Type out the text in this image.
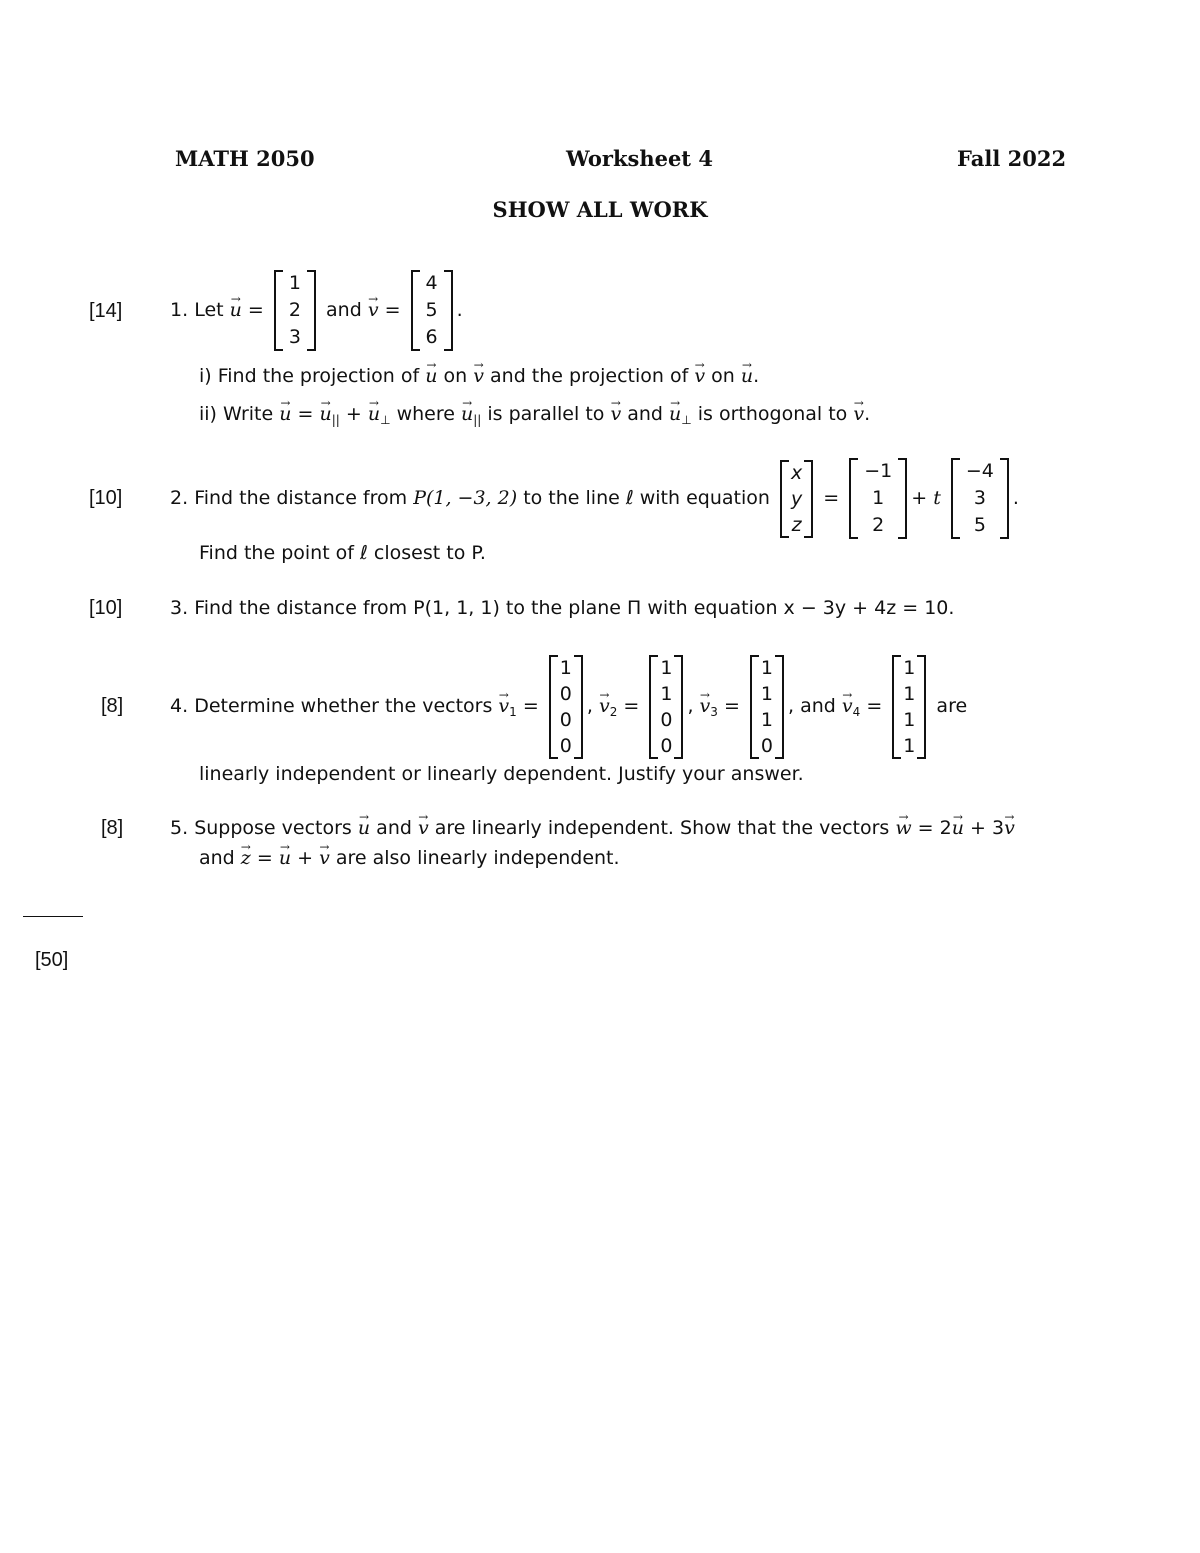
MATH 2050	Worksheet 4	Fall 2022
SHOW ALL WORK
[14]	1. Let → u =
1
2
3
and → v =
4
5
6
.
i) Find the projection of → u on → v and the projection of → v on → u.
ii) Write → u = → $u_{||}$ + → $u_\perp$ where → $u_{||}$ is parallel to → v and → $u_\perp$ is orthogonal to → v.
[10]	2. Find the distance from P(1, −3, 2) to the line ℓ with equation
x
y
z
=
−1
1
2
+ t
−4
3
5
.
Find the point of ℓ closest to P.
[10]	3. Find the distance from P(1, 1, 1) to the plane Π with equation x − 3y + 4z = 10.
[8] 4. Determine whether the vectors → $v_1$ =
1
0
0
0
, → $v_2$ =
1
1
0
0
, → $v_3$ =
1
1
1
0
, and → $v_4$ =
1
1
1
1
are
linearly independent or linearly dependent. Justify your answer.
[8] 5. Suppose vectors → u and → v are linearly independent. Show that the vectors → w = 2→ u + 3→ v
and → z = → u + → v are also linearly independent.
[50]
